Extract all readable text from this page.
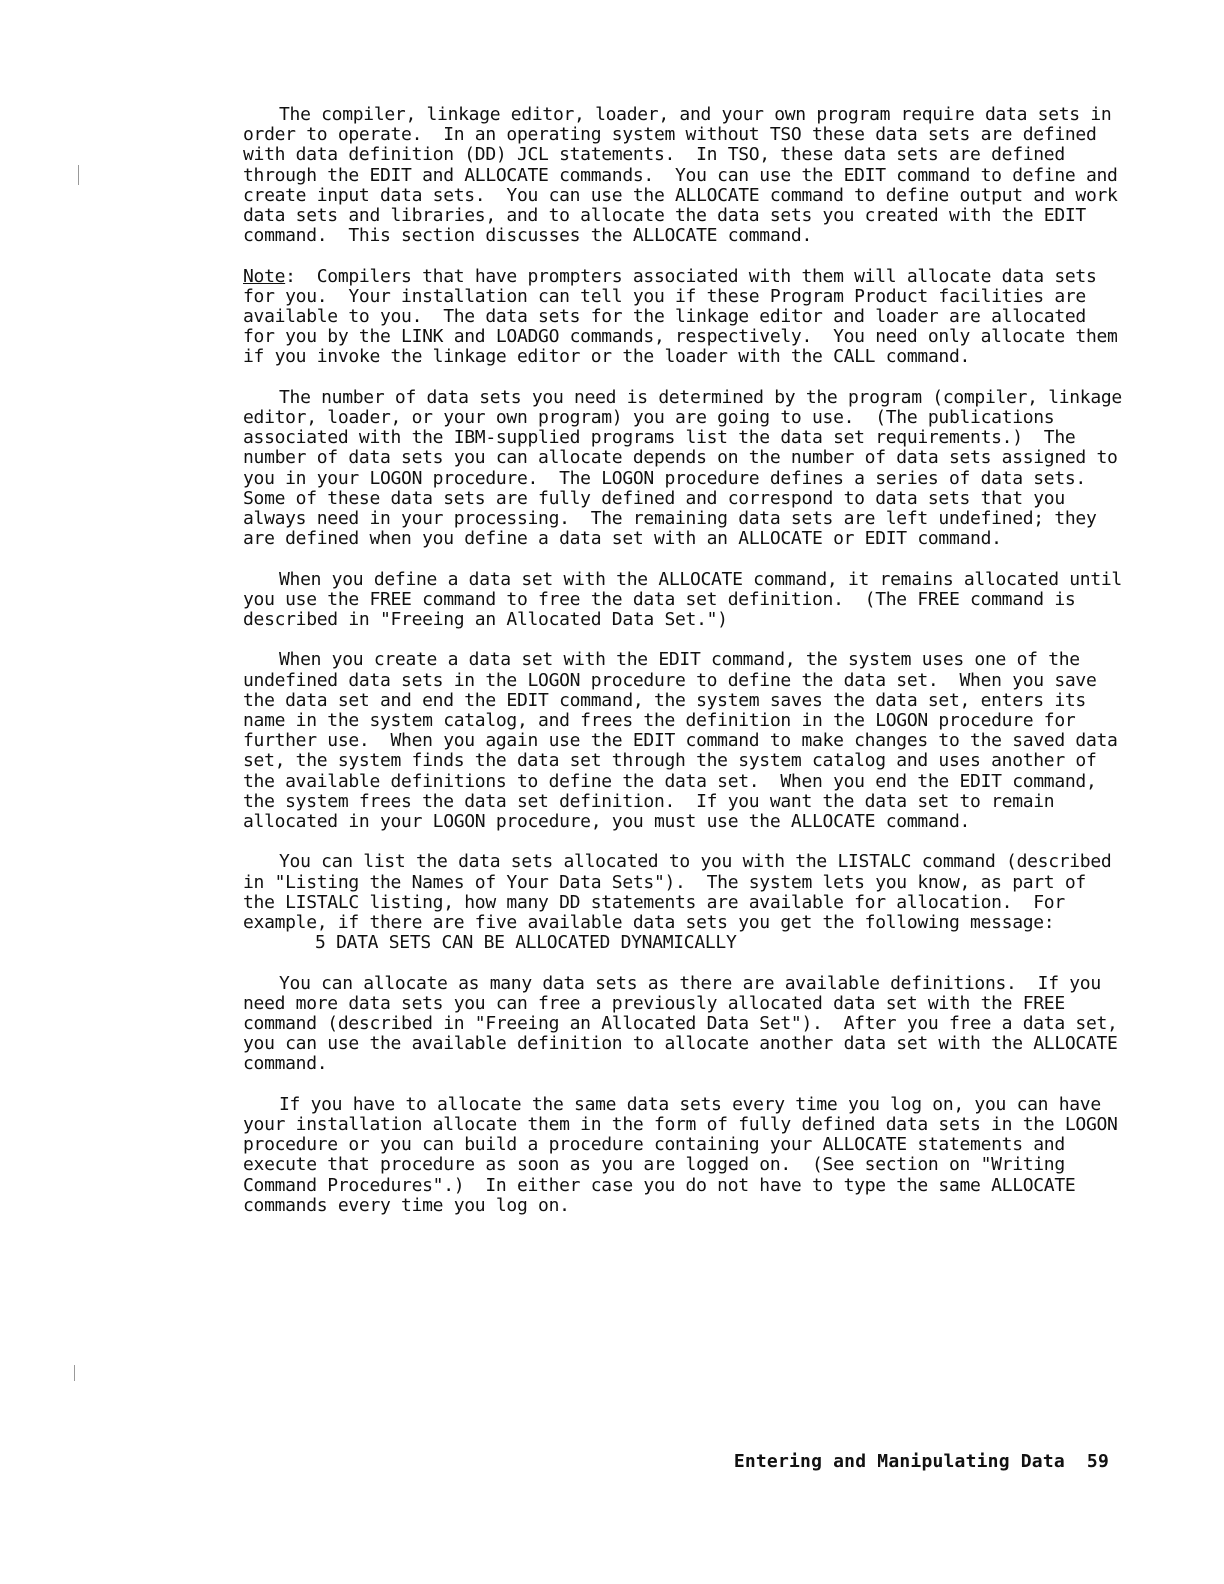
The compiler, linkage editor, loader, and your own program require data sets in order to operate.  In an operating system without TSO these data sets are defined with data definition (DD) JCL statements.  In TSO, these data sets are defined through the EDIT and ALLOCATE commands.  You can use the EDIT command to define and create input data sets.  You can use the ALLOCATE command to define output and work data sets and libraries, and to allocate the data sets you created with the EDIT command.  This section discusses the ALLOCATE command.

Note:  Compilers that have prompters associated with them will allocate data sets for you.  Your installation can tell you if these Program Product facilities are available to you.  The data sets for the linkage editor and loader are allocated for you by the LINK and LOADGO commands, respectively.  You need only allocate them if you invoke the linkage editor or the loader with the CALL command.

The number of data sets you need is determined by the program (compiler, linkage editor, loader, or your own program) you are going to use.  (The publications associated with the IBM-supplied programs list the data set requirements.)  The number of data sets you can allocate depends on the number of data sets assigned to you in your LOGON procedure.  The LOGON procedure defines a series of data sets.  Some of these data sets are fully defined and correspond to data sets that you always need in your processing.  The remaining data sets are left undefined; they are defined when you define a data set with an ALLOCATE or EDIT command.

When you define a data set with the ALLOCATE command, it remains allocated until you use the FREE command to free the data set definition.  (The FREE command is described in "Freeing an Allocated Data Set.")

When you create a data set with the EDIT command, the system uses one of the undefined data sets in the LOGON procedure to define the data set.  When you save the data set and end the EDIT command, the system saves the data set, enters its name in the system catalog, and frees the definition in the LOGON procedure for further use.  When you again use the EDIT command to make changes to the saved data set, the system finds the data set through the system catalog and uses another of the available definitions to define the data set.  When you end the EDIT command, the system frees the data set definition.  If you want the data set to remain allocated in your LOGON procedure, you must use the ALLOCATE command.

You can list the data sets allocated to you with the LISTALC command (described in "Listing the Names of Your Data Sets").  The system lets you know, as part of the LISTALC listing, how many DD statements are available for allocation.  For example, if there are five available data sets you get the following message:

5 DATA SETS CAN BE ALLOCATED DYNAMICALLY

You can allocate as many data sets as there are available definitions.  If you need more data sets you can free a previously allocated data set with the FREE command (described in "Freeing an Allocated Data Set").  After you free a data set, you can use the available definition to allocate another data set with the ALLOCATE command.

If you have to allocate the same data sets every time you log on, you can have your installation allocate them in the form of fully defined data sets in the LOGON procedure or you can build a procedure containing your ALLOCATE statements and execute that procedure as soon as you are logged on.  (See section on "Writing Command Procedures".)  In either case you do not have to type the same ALLOCATE commands every time you log on.

Entering and Manipulating Data 59
